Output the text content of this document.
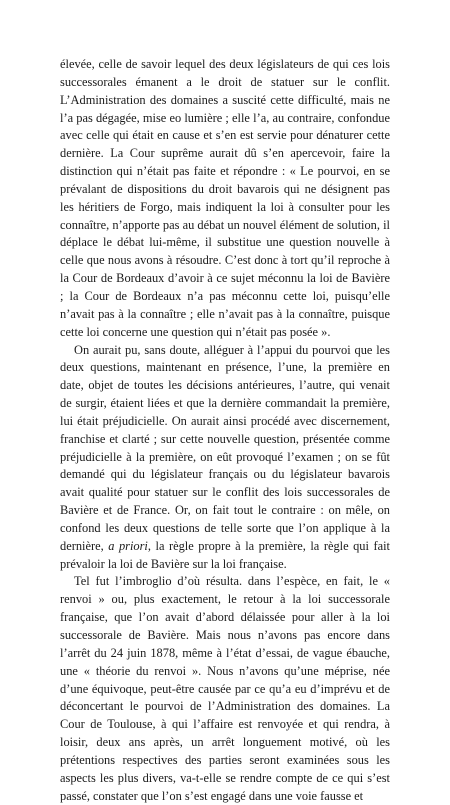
élevée, celle de savoir lequel des deux législateurs de qui ces lois successorales émanent a le droit de statuer sur le conflit. L’Administration des domaines a suscité cette difficulté, mais ne l’a pas dégagée, mise eo lumière ; elle l’a, au contraire, confondue avec celle qui était en cause et s’en est servie pour dénaturer cette dernière. La Cour suprême aurait dû s’en apercevoir, faire la distinction qui n’était pas faite et répondre : « Le pourvoi, en se prévalant de dispositions du droit bavarois qui ne désignent pas les héritiers de Forgo, mais indiquent la loi à consulter pour les connaître, n’apporte pas au débat un nouvel élément de solution, il déplace le débat lui-même, il substitue une question nouvelle à celle que nous avons à résoudre. C’est donc à tort qu’il reproche à la Cour de Bordeaux d’avoir à ce sujet méconnu la loi de Bavière ; la Cour de Bordeaux n’a pas méconnu cette loi, puisqu’elle n’avait pas à la connaître ; elle n’avait pas à la connaître, puisque cette loi concerne une question qui n’était pas posée ».

On aurait pu, sans doute, alléguer à l’appui du pourvoi que les deux questions, maintenant en présence, l’une, la première en date, objet de toutes les décisions antérieures, l’autre, qui venait de surgir, étaient liées et que la dernière commandait la première, lui était préjudicielle. On aurait ainsi procédé avec discernement, franchise et clarté ; sur cette nouvelle question, présentée comme préjudicielle à la première, on eût provoqué l’examen ; on se fût demandé qui du législateur français ou du législateur bavarois avait qualité pour statuer sur le conflit des lois successorales de Bavière et de France. Or, on fait tout le contraire : on mêle, on confond les deux questions de telle sorte que l’on applique à la dernière, a priori, la règle propre à la première, la règle qui fait prévaloir la loi de Bavière sur la loi française.

Tel fut l’imbroglio d’où résulta. dans l’espèce, en fait, le « renvoi » ou, plus exactement, le retour à la loi successorale française, que l’on avait d’abord délaissée pour aller à la loi successorale de Bavière. Mais nous n’avons pas encore dans l’arrêt du 24 juin 1878, même à l’état d’essai, de vague ébauche, une « théorie du renvoi ». Nous n’avons qu’une méprise, née d’une équivoque, peut-être causée par ce qu’a eu d’imprévu et de déconcertant le pourvoi de l’Administration des domaines. La Cour de Toulouse, à qui l’affaire est renvoyée et qui rendra, à loisir, deux ans après, un arrêt longuement motivé, où les prétentions respectives des parties seront examinées sous les aspects les plus divers, va-t-elle se rendre compte de ce qui s’est passé, constater que l’on s’est engagé dans une voie fausse et
